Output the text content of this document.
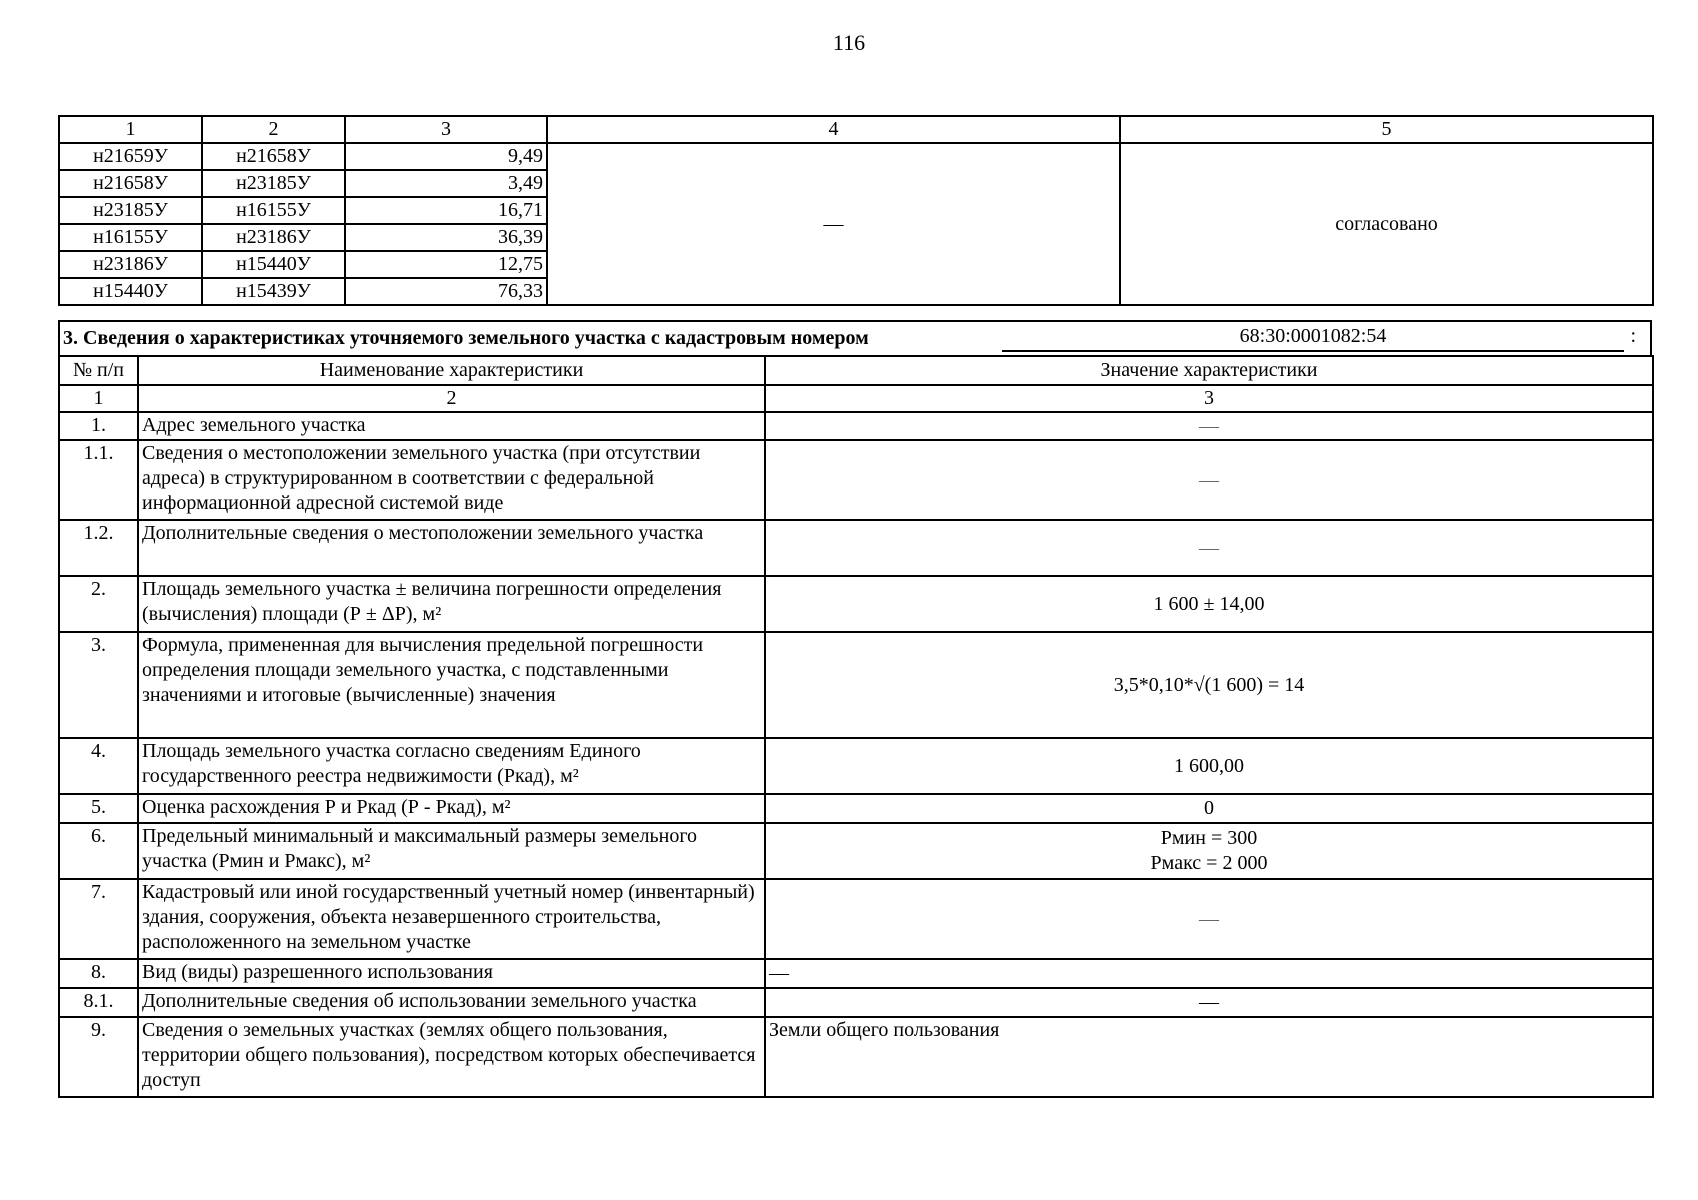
116
1	2	3	4	5
н21659У	н21658У	9,49	—	согласовано
н21658У	н23185У	3,49		
н23185У	н16155У	16,71		
н16155У	н23186У	36,39		
н23186У	н15440У	12,75		
н15440У	н15439У	76,33		
3. Сведения о характеристиках уточняемого земельного участка с кадастровым номером	68:30:0001082:54	:
№ п/п	Наименование характеристики	Значение характеристики
1	2	3
1.	Адрес земельного участка	—
1.1.	Сведения о местоположении земельного участка (при отсутствии адреса) в структурированном в соответствии с федеральной информационной адресной системой виде	—
1.2.	Дополнительные сведения о местоположении земельного участка	—
2.	Площадь земельного участка ± величина погрешности определения (вычисления) площади (Р ± ΔР), м²	1 600 ± 14,00
3.	Формула, примененная для вычисления предельной погрешности определения площади земельного участка, с подставленными значениями и итоговые (вычисленные) значения	3,5*0,10*√(1 600) = 14
4.	Площадь земельного участка согласно сведениям Единого государственного реестра недвижимости (Ркад), м²	1 600,00
5.	Оценка расхождения Р и Ркад (Р - Ркад), м²	0
6.	Предельный минимальный и максимальный размеры земельного участка (Рмин и Рмакс), м²	Рмин = 300
Рмакс = 2 000

7.	Кадастровый или иной государственный учетный номер (инвентарный) здания, сооружения, объекта незавершенного строительства, расположенного на земельном участке	—
8.	Вид (виды) разрешенного использования	—
8.1.	Дополнительные сведения об использовании земельного участка	—
9.	Сведения о земельных участках (землях общего пользования, территории общего пользования), посредством которых обеспечивается доступ	Земли общего пользования
